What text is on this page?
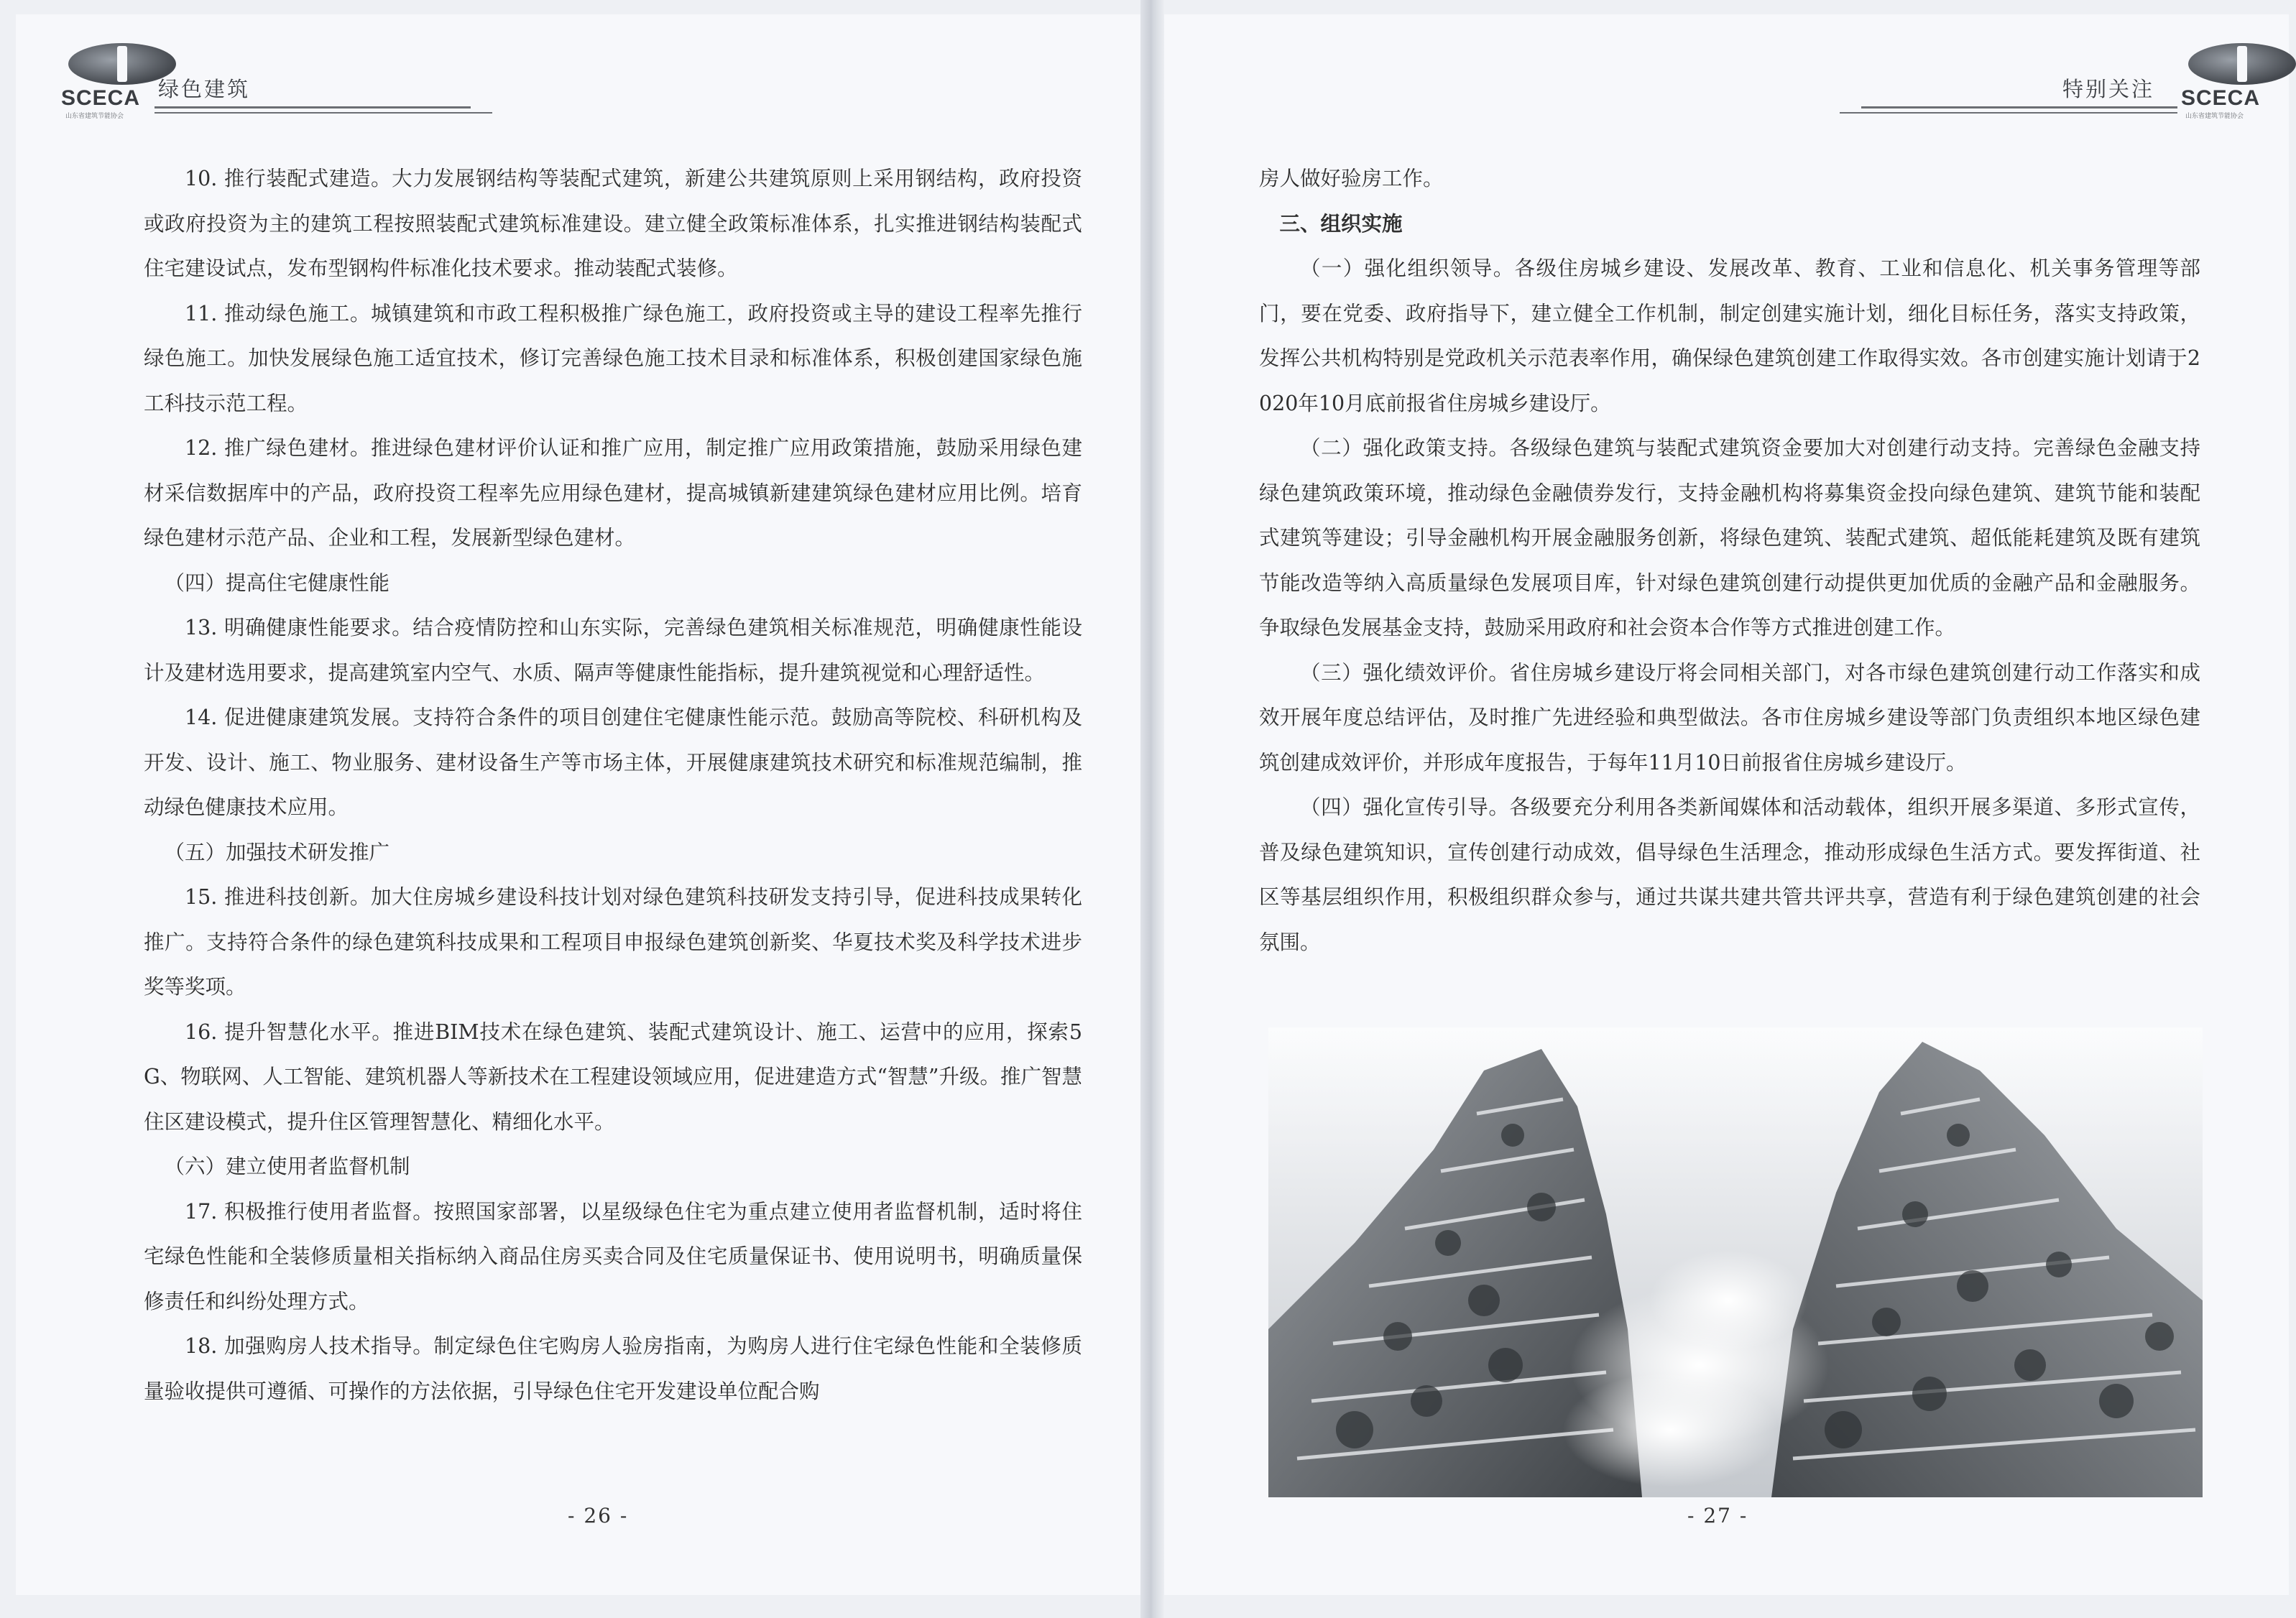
SCECA
山东省建筑节能协会
绿色建筑

10. 推行装配式建造。大力发展钢结构等装配式建筑，新建公共建筑原则上采用钢结构，政府投资或政府投资为主的建筑工程按照装配式建筑标准建设。建立健全政策标准体系，扎实推进钢结构装配式住宅建设试点，发布型钢构件标准化技术要求。推动装配式装修。

11. 推动绿色施工。城镇建筑和市政工程积极推广绿色施工，政府投资或主导的建设工程率先推行绿色施工。加快发展绿色施工适宜技术，修订完善绿色施工技术目录和标准体系，积极创建国家绿色施工科技示范工程。

12. 推广绿色建材。推进绿色建材评价认证和推广应用，制定推广应用政策措施，鼓励采用绿色建材采信数据库中的产品，政府投资工程率先应用绿色建材，提高城镇新建建筑绿色建材应用比例。培育绿色建材示范产品、企业和工程，发展新型绿色建材。

（四）提高住宅健康性能

13. 明确健康性能要求。结合疫情防控和山东实际，完善绿色建筑相关标准规范，明确健康性能设计及建材选用要求，提高建筑室内空气、水质、隔声等健康性能指标，提升建筑视觉和心理舒适性。

14. 促进健康建筑发展。支持符合条件的项目创建住宅健康性能示范。鼓励高等院校、科研机构及开发、设计、施工、物业服务、建材设备生产等市场主体，开展健康建筑技术研究和标准规范编制，推动绿色健康技术应用。

（五）加强技术研发推广

15. 推进科技创新。加大住房城乡建设科技计划对绿色建筑科技研发支持引导，促进科技成果转化推广。支持符合条件的绿色建筑科技成果和工程项目申报绿色建筑创新奖、华夏技术奖及科学技术进步奖等奖项。

16. 提升智慧化水平。推进BIM技术在绿色建筑、装配式建筑设计、施工、运营中的应用，探索5G、物联网、人工智能、建筑机器人等新技术在工程建设领域应用，促进建造方式“智慧”升级。推广智慧住区建设模式，提升住区管理智慧化、精细化水平。

（六）建立使用者监督机制

17. 积极推行使用者监督。按照国家部署，以星级绿色住宅为重点建立使用者监督机制，适时将住宅绿色性能和全装修质量相关指标纳入商品住房买卖合同及住宅质量保证书、使用说明书，明确质量保修责任和纠纷处理方式。

18. 加强购房人技术指导。制定绿色住宅购房人验房指南，为购房人进行住宅绿色性能和全装修质量验收提供可遵循、可操作的方法依据，引导绿色住宅开发建设单位配合购

- 26 -
特别关注 SCECA
山东省建筑节能协会

房人做好验房工作。

三、组织实施

（一）强化组织领导。各级住房城乡建设、发展改革、教育、工业和信息化、机关事务管理等部门，要在党委、政府指导下，建立健全工作机制，制定创建实施计划，细化目标任务，落实支持政策，发挥公共机构特别是党政机关示范表率作用，确保绿色建筑创建工作取得实效。各市创建实施计划请于2020年10月底前报省住房城乡建设厅。

（二）强化政策支持。各级绿色建筑与装配式建筑资金要加大对创建行动支持。完善绿色金融支持绿色建筑政策环境，推动绿色金融债券发行，支持金融机构将募集资金投向绿色建筑、建筑节能和装配式建筑等建设；引导金融机构开展金融服务创新，将绿色建筑、装配式建筑、超低能耗建筑及既有建筑节能改造等纳入高质量绿色发展项目库，针对绿色建筑创建行动提供更加优质的金融产品和金融服务。争取绿色发展基金支持，鼓励采用政府和社会资本合作等方式推进创建工作。

（三）强化绩效评价。省住房城乡建设厅将会同相关部门，对各市绿色建筑创建行动工作落实和成效开展年度总结评估，及时推广先进经验和典型做法。各市住房城乡建设等部门负责组织本地区绿色建筑创建成效评价，并形成年度报告，于每年11月10日前报省住房城乡建设厅。

（四）强化宣传引导。各级要充分利用各类新闻媒体和活动载体，组织开展多渠道、多形式宣传，普及绿色建筑知识，宣传创建行动成效，倡导绿色生活理念，推动形成绿色生活方式。要发挥街道、社区等基层组织作用，积极组织群众参与，通过共谋共建共管共评共享，营造有利于绿色建筑创建的社会氛围。

- 27 -
